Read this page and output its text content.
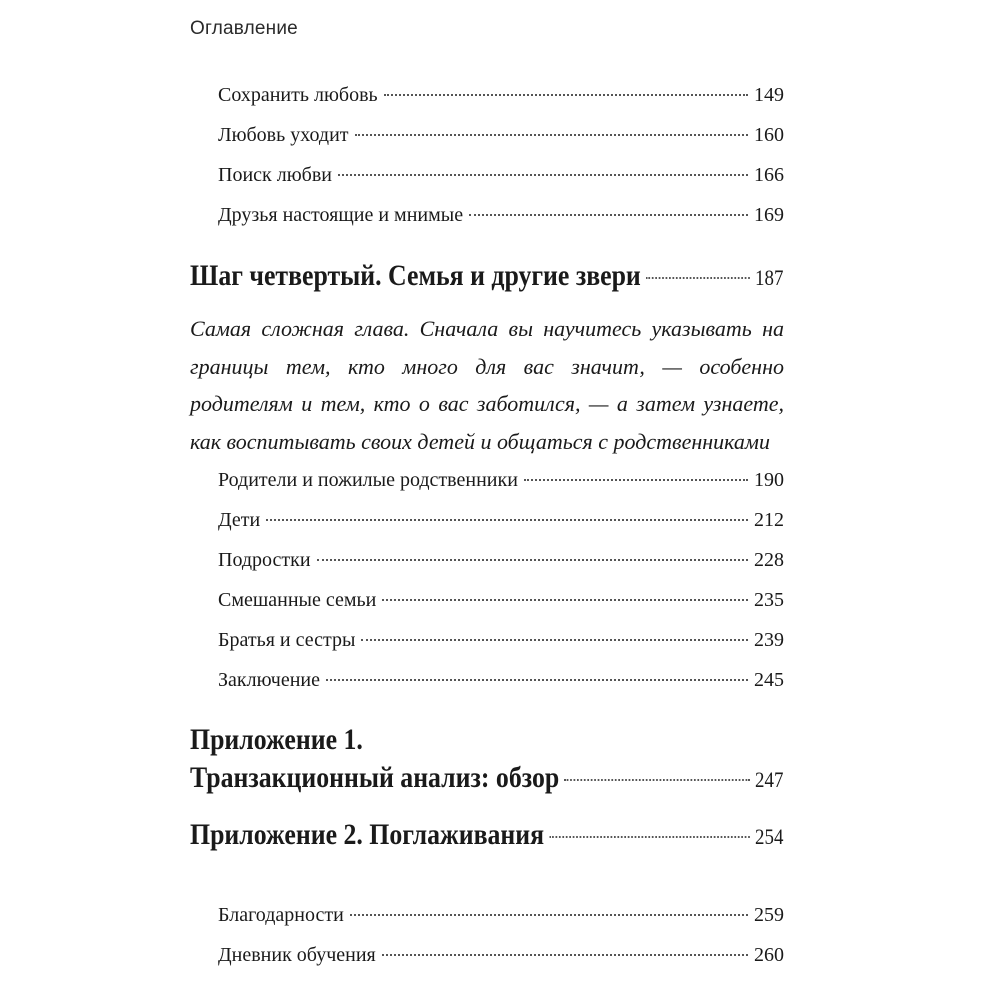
Оглавление
Сохранить любовь	149
Любовь уходит	160
Поиск любви	166
Друзья настоящие и мнимые	169
Шаг четвертый. Семья и другие звери	187
Самая сложная глава. Сначала вы научитесь указывать на границы тем, кто много для вас значит, — особенно родителям и тем, кто о вас заботился, — а затем узнаете, как воспитывать своих детей и общаться с родственниками
Родители и пожилые родственники	190
Дети	212
Подростки	228
Смешанные семьи	235
Братья и сестры	239
Заключение	245
Приложение 1.
Транзакционный анализ: обзор	247
Приложение 2. Поглаживания	254
Благодарности	259
Дневник обучения	260
